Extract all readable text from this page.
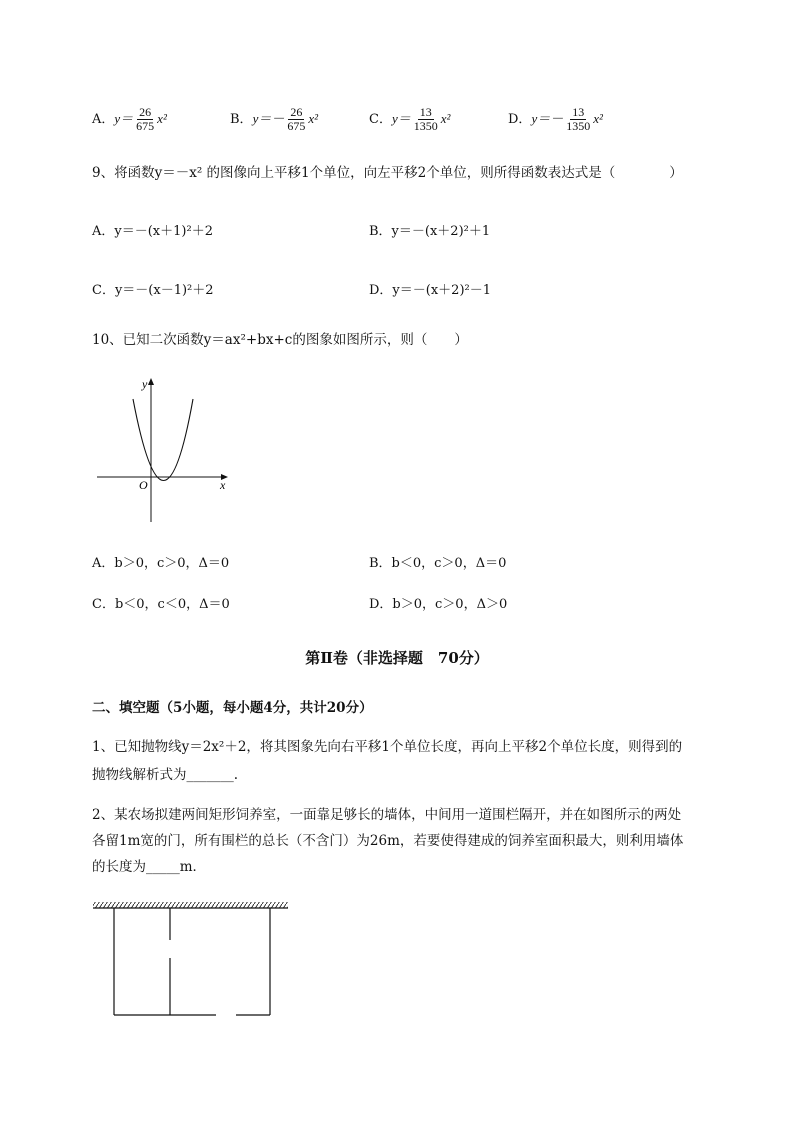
A．$y= \frac{26}{675} x^2$	B．$y=- \frac{26}{675} x^2$	C．$y= \frac{13}{1350} x^2$	D．$y=- \frac{13}{1350} x^2$
9、将函数y＝－x² 的图像向上平移1个单位，向左平移2个单位，则所得函数表达式是（　　　　）
A．y＝－(x＋1)²＋2	B．y＝－(x＋2)²＋1
C．y＝－(x－1)²＋2	D．y＝－(x＋2)²－1
10、已知二次函数y＝ax²+bx+c的图象如图所示，则（　　）
y
x
O
A．b＞0，c＞0，Δ＝0	B．b＜0，c＞0，Δ＝0
C．b＜0，c＜0，Δ＝0	D．b＞0，c＞0，Δ＞0
第Ⅱ卷（非选择题　70分）
二、填空题（5小题，每小题4分，共计20分）
1、已知抛物线y＝2x²＋2，将其图象先向右平移1个单位长度，再向上平移2个单位长度，则得到的
抛物线解析式为_______.
2、某农场拟建两间矩形饲养室，一面靠足够长的墙体，中间用一道围栏隔开，并在如图所示的两处
各留1m宽的门，所有围栏的总长（不含门）为26m，若要使得建成的饲养室面积最大，则利用墙体
的长度为_____m．
